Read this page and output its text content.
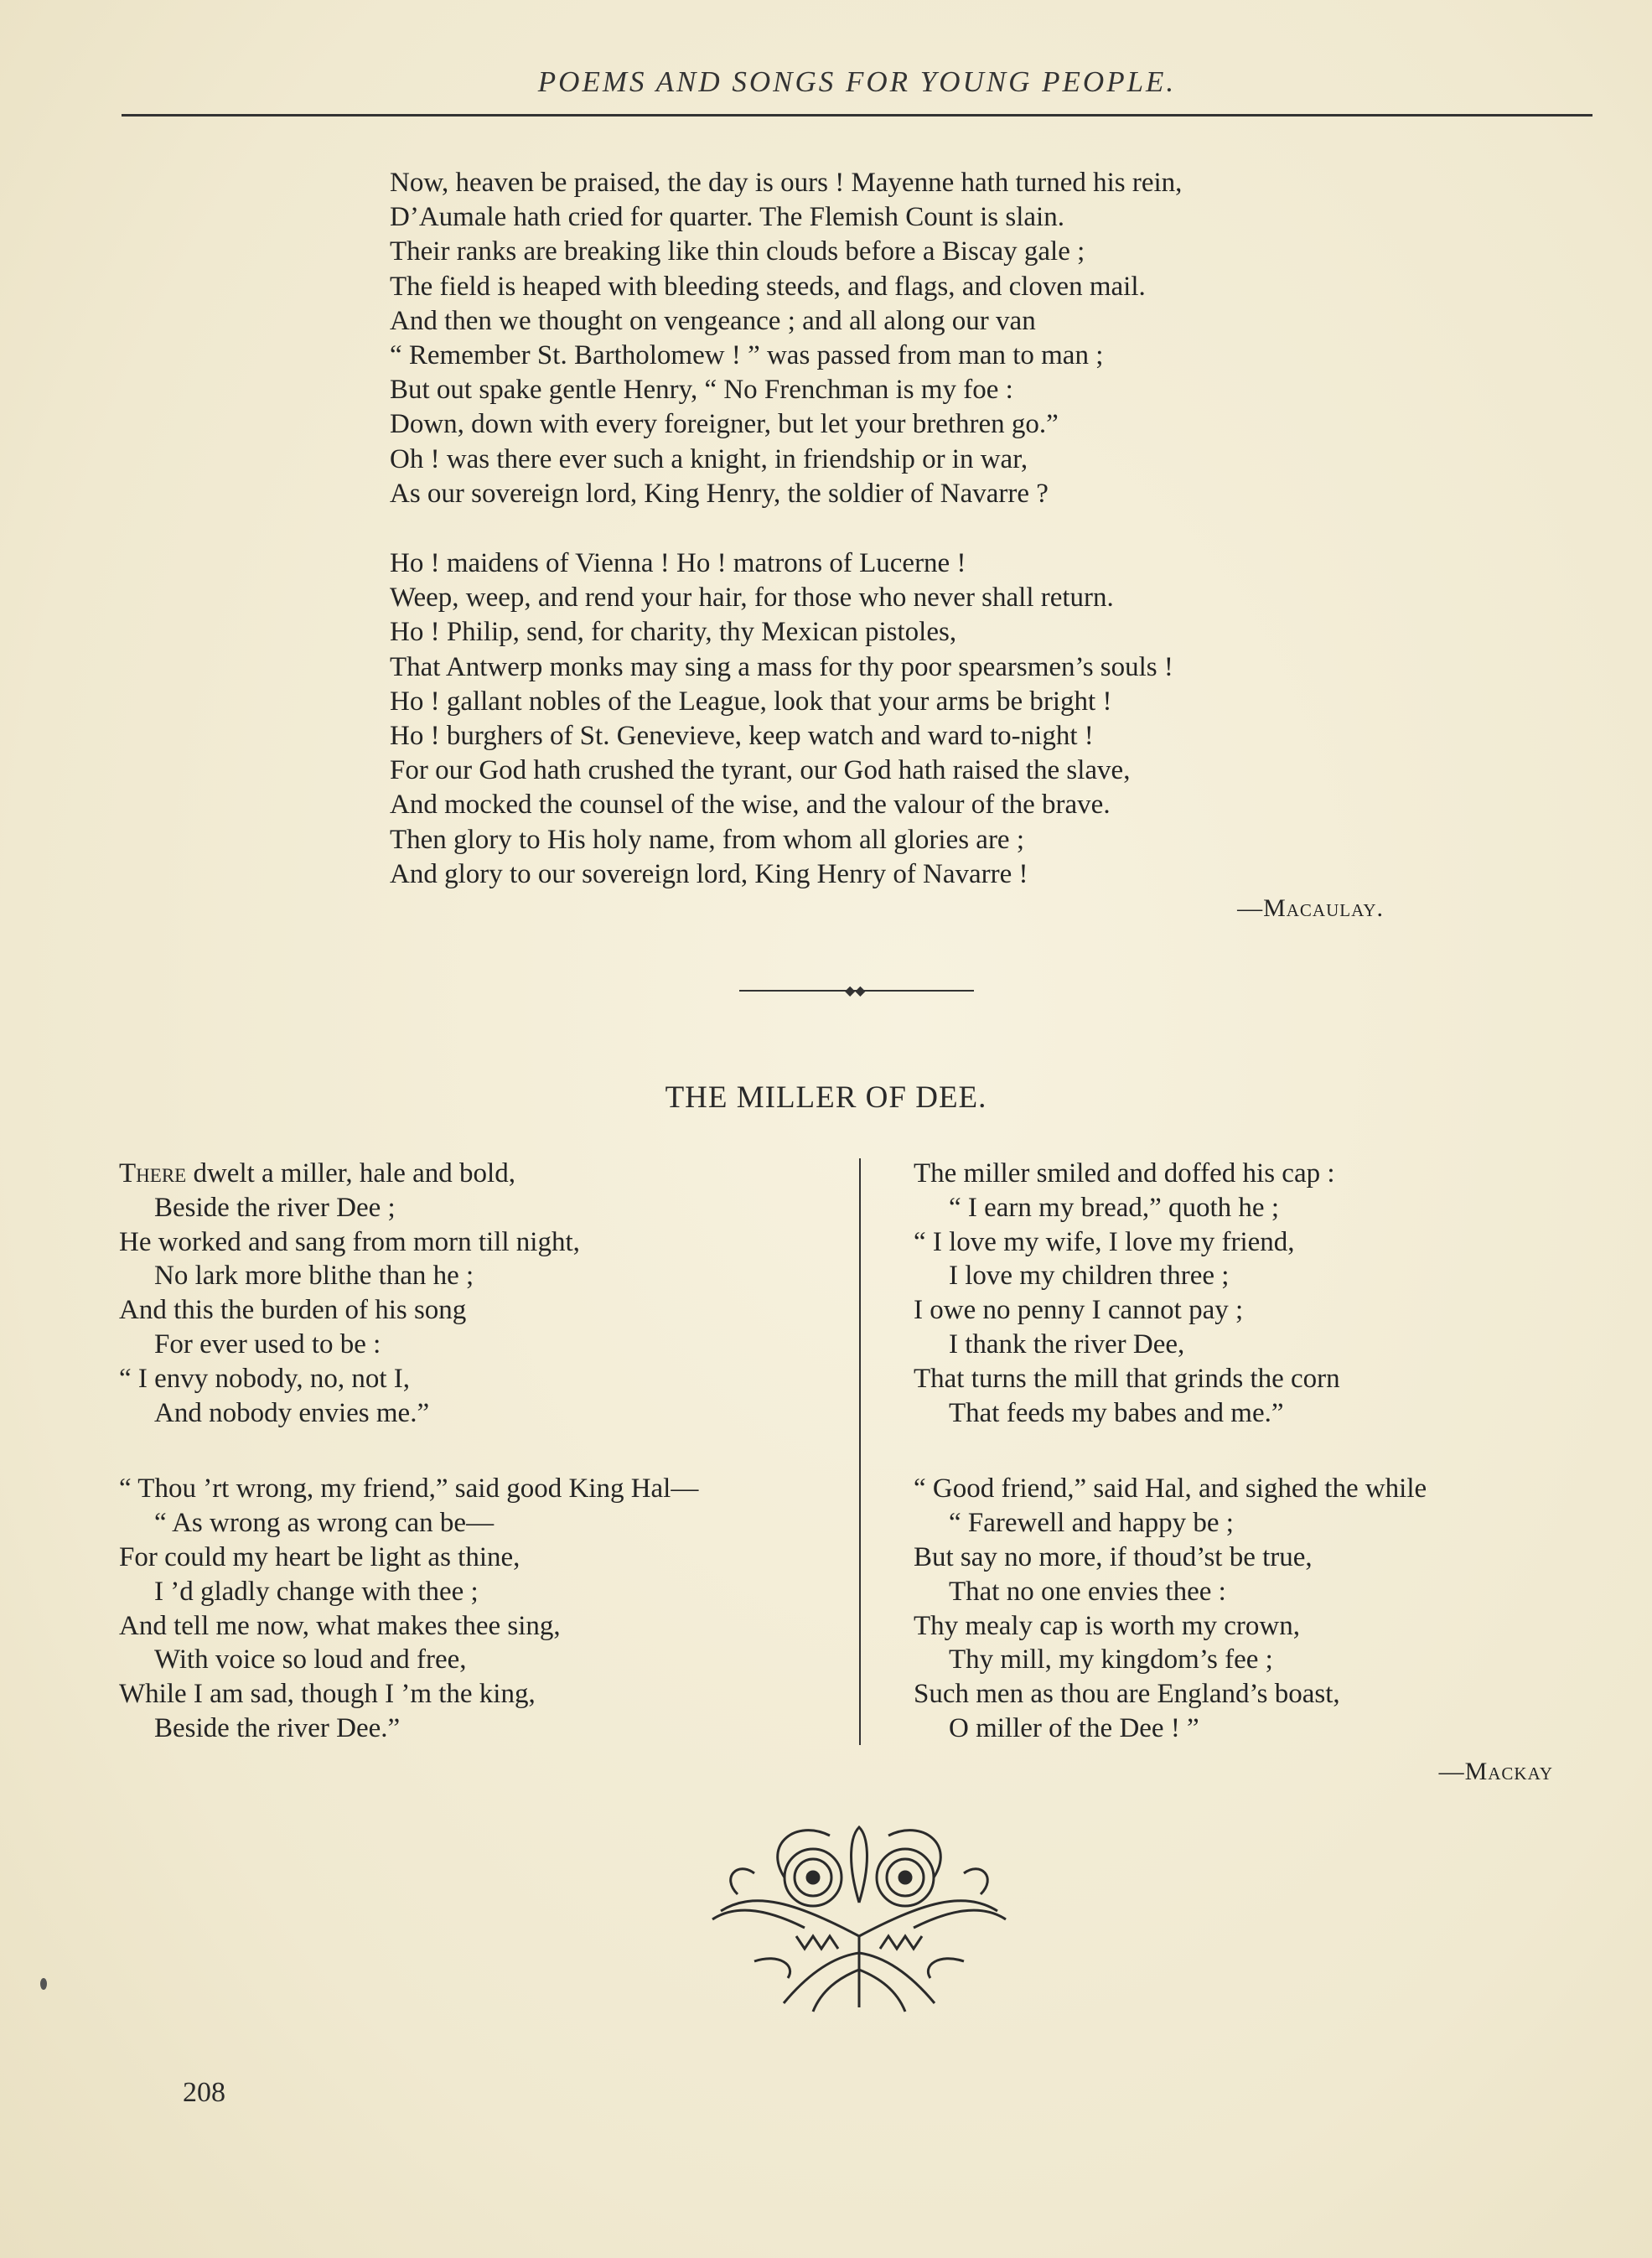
POEMS AND SONGS FOR YOUNG PEOPLE.
Now, heaven be praised, the day is ours ! Mayenne hath turned his rein,
D’Aumale hath cried for quarter. The Flemish Count is slain.
Their ranks are breaking like thin clouds before a Biscay gale ;
The field is heaped with bleeding steeds, and flags, and cloven mail.
And then we thought on vengeance ; and all along our van
“ Remember St. Bartholomew ! ” was passed from man to man ;
But out spake gentle Henry, “ No Frenchman is my foe :
Down, down with every foreigner, but let your brethren go.”
Oh ! was there ever such a knight, in friendship or in war,
As our sovereign lord, King Henry, the soldier of Navarre ?
Ho ! maidens of Vienna ! Ho ! matrons of Lucerne !
Weep, weep, and rend your hair, for those who never shall return.
Ho ! Philip, send, for charity, thy Mexican pistoles,
That Antwerp monks may sing a mass for thy poor spearsmen’s souls !
Ho ! gallant nobles of the League, look that your arms be bright !
Ho ! burghers of St. Genevieve, keep watch and ward to-night !
For our God hath crushed the tyrant, our God hath raised the slave,
And mocked the counsel of the wise, and the valour of the brave.
Then glory to His holy name, from whom all glories are ;
And glory to our sovereign lord, King Henry of Navarre !
—Macaulay.
◆◆
THE MILLER OF DEE.
There dwelt a miller, hale and bold,
Beside the river Dee ;
He worked and sang from morn till night,
No lark more blithe than he ;
And this the burden of his song
For ever used to be :
“ I envy nobody, no, not I,
And nobody envies me.”
“ Thou ’rt wrong, my friend,” said good King Hal—
“ As wrong as wrong can be—
For could my heart be light as thine,
I ’d gladly change with thee ;
And tell me now, what makes thee sing,
With voice so loud and free,
While I am sad, though I ’m the king,
Beside the river Dee.”
The miller smiled and doffed his cap :
“ I earn my bread,” quoth he ;
“ I love my wife, I love my friend,
I love my children three ;
I owe no penny I cannot pay ;
I thank the river Dee,
That turns the mill that grinds the corn
That feeds my babes and me.”
“ Good friend,” said Hal, and sighed the while
“ Farewell and happy be ;
But say no more, if thoud’st be true,
That no one envies thee :
Thy mealy cap is worth my crown,
Thy mill, my kingdom’s fee ;
Such men as thou are England’s boast,
O miller of the Dee ! ”
—Mackay
208
